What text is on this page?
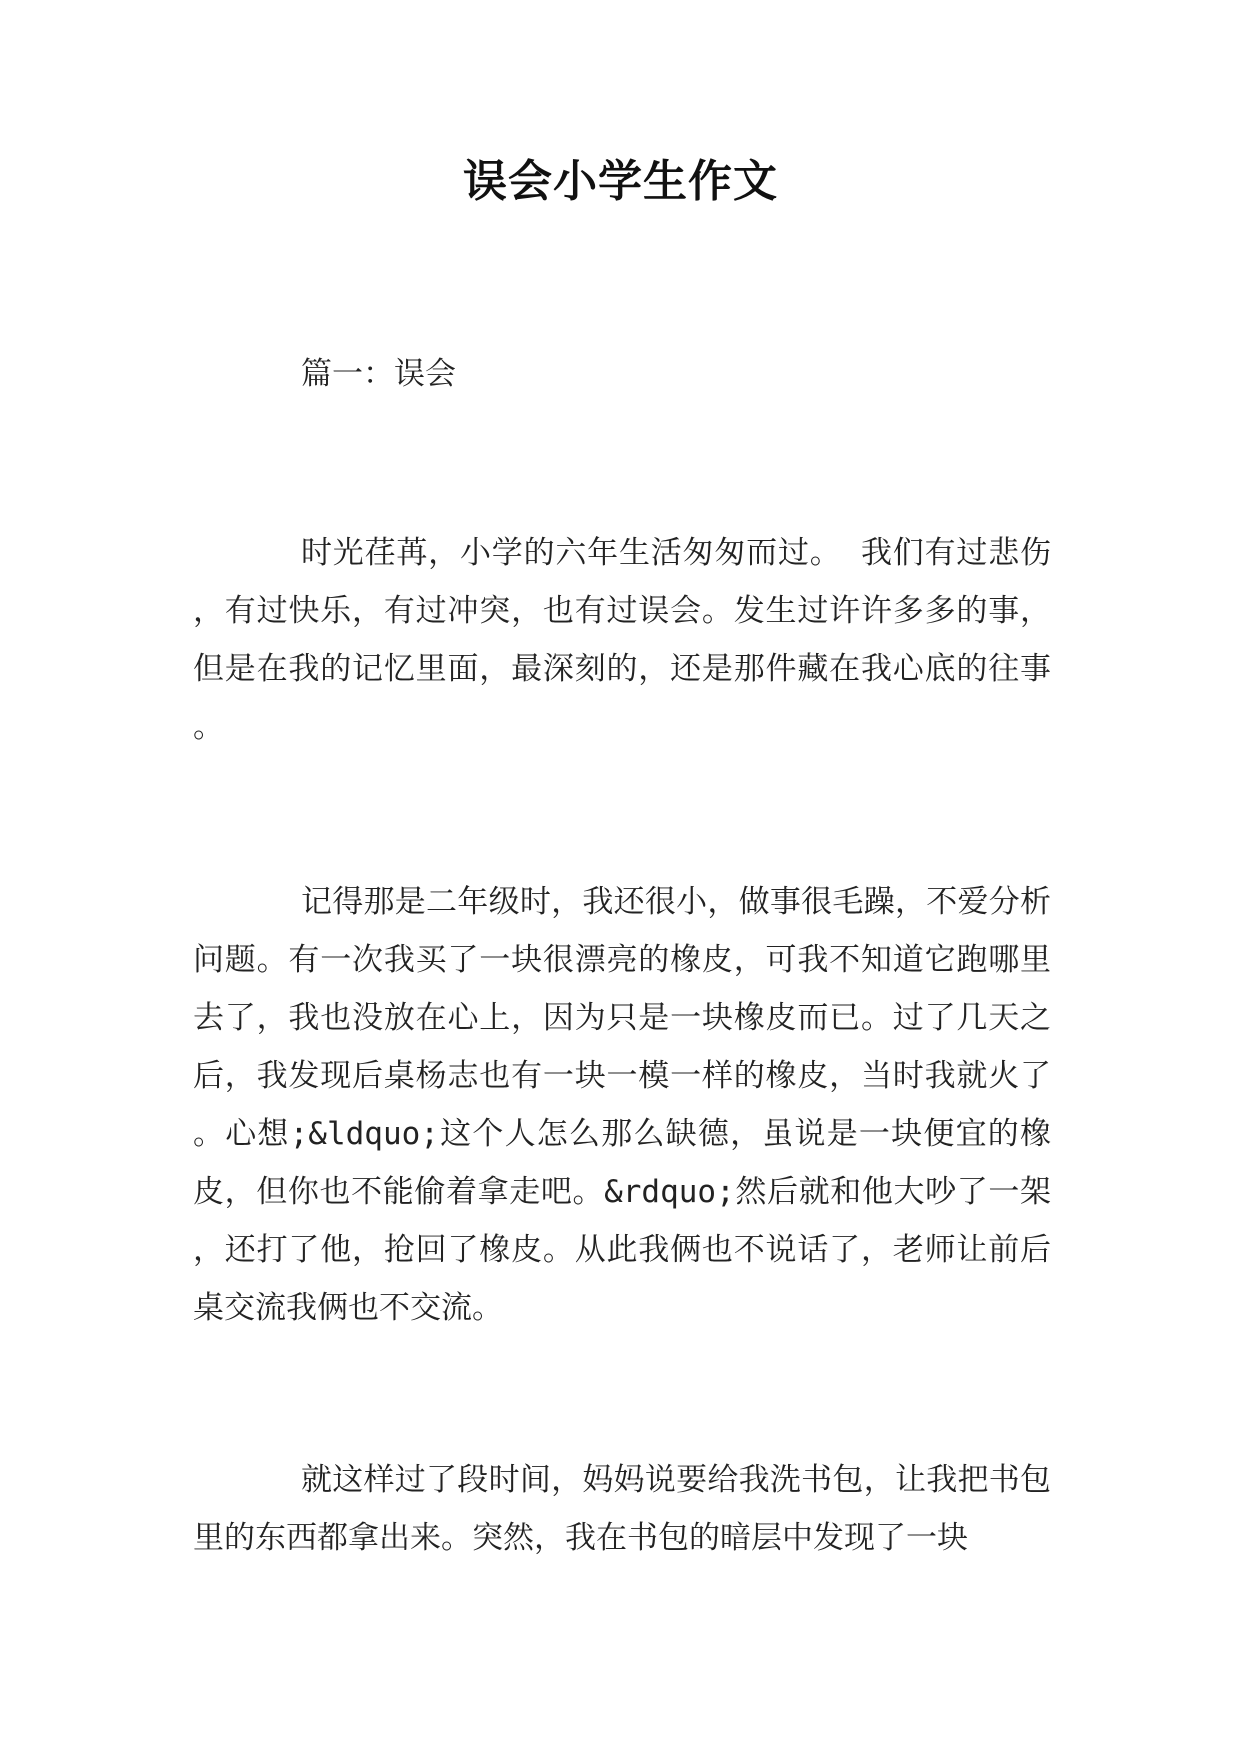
误会小学生作文

篇一：误会

时光荏苒，小学的六年生活匆匆而过。 我们有过悲伤，有过快乐，有过冲突，也有过误会。发生过许许多多的事，但是在我的记忆里面，最深刻的，还是那件藏在我心底的往事。

记得那是二年级时，我还很小，做事很毛躁，不爱分析问题。有一次我买了一块很漂亮的橡皮，可我不知道它跑哪里去了，我也没放在心上，因为只是一块橡皮而已。过了几天之后，我发现后桌杨志也有一块一模一样的橡皮，当时我就火了。心想;&ldquo;这个人怎么那么缺德，虽说是一块便宜的橡皮，但你也不能偷着拿走吧。&rdquo;然后就和他大吵了一架，还打了他，抢回了橡皮。从此我俩也不说话了，老师让前后桌交流我俩也不交流。

就这样过了段时间，妈妈说要给我洗书包，让我把书包里的东西都拿出来。突然，我在书包的暗层中发现了一块
